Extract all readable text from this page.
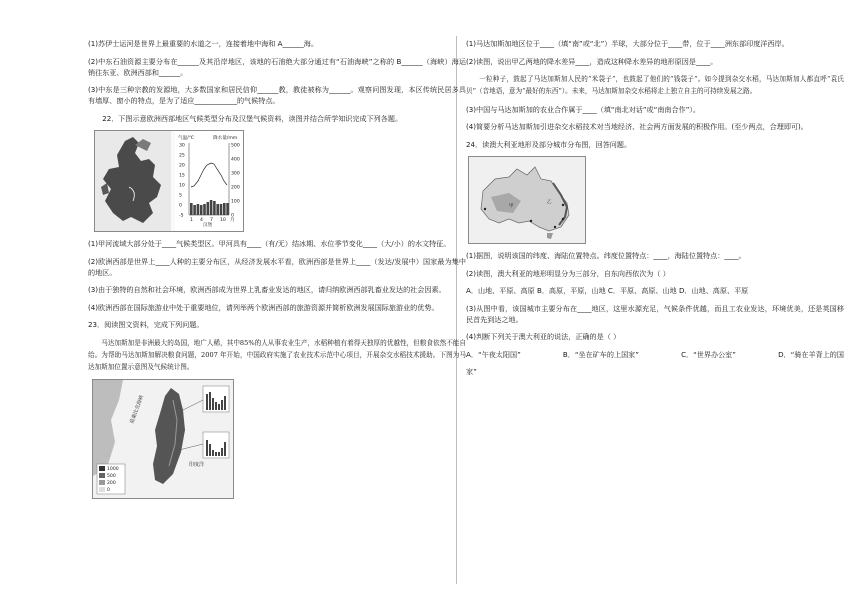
(1)苏伊士运河是世界上最重要的水道之一，连接着地中海和 A______海。

(2)中东石油资源主要分布在______及其沿岸地区，该地的石油绝大部分通过有“石油海峡”之称的 B______（海峡）海运销往东亚、欧洲西部和______。

(3)中东是三种宗教的发源地，大多数国家和居民信仰______教，教徒被称为______。观察问图发现，本区传统民居多具有墙厚、窗小的特点，是为了适应____________的气候特点。

22．下图示意欧洲西部地区气候类型分布及汉堡气候资料，读图并结合所学知识完成下列各题。

气温/℃	降水量/mm
30
25
20
15
10
5
0
-5
500
400
300
200
100
0
1 4 7 10 月
汉堡

(1)甲河流域大部分处于____气候类型区。甲河具有____（有/无）结冰期、水位季节变化____（大/小）的水文特征。

(2)欧洲西部是世界上____人种的主要分布区，从经济发展水平看，欧洲西部是世界上____（发达/发展中）国家最为集中的地区。

(3)由于独特的自然和社会环境，欧洲西部成为世界上乳畜业发达的地区，请归纳欧洲西部乳畜业发达的社会因素。

(4)欧洲西部在国际旅游业中处于重要地位，请列举两个欧洲西部的旅游资源并简析欧洲发展国际旅游业的优势。

23．阅读图文资料，完成下列问题。

马达加斯加是非洲最大的岛国，地广人稀，其中85%的人从事农业生产，水稻种植有着得天独厚的优越性，但粮食依然不能自给。为帮助马达加斯加解决粮食问题，2007 年开始，中国政府实施了农业技术示范中心项目，开展杂交水稻技术援助。下图为马达加斯加位置示意图及气候统计图。

莫桑比克海峡
印度洋
1000
500
200
0

(1)马达加斯加地区位于____（填“南”或“北”）半球，大部分位于____带，位于____洲东部印度洋西岸。

(2)读图，说出甲乙两地的降水差异____，造成这种降水差异的地形原因是____。

一粒种子，鼓起了马达加斯加人民的“米袋子”，也鼓起了他们的“钱袋子”。如今提到杂交水稻，马达加斯加人都直呼“袁氏贝”（音地语，意为“最好的东西”）。未来，马达加斯加杂交水稻将走上独立自主的可持续发展之路。

(3)中国与马达加斯加的农业合作属于____（填“南北对话”或“南南合作”）。

(4)简要分析马达加斯加引进杂交水稻技术对当地经济、社会两方面发展的积极作用。(至少两点，合理即可)。

24．读澳大利亚地形及部分城市分布图，回答问题。

甲
乙

(1)据图，说明该国的纬度、海陆位置特点。纬度位置特点：____，海陆位置特点：____。

(2)读图，澳大利亚的地形明显分为三部分，自东向西依次为（ ）

A．山地、平原、高原 B．高原，平原，山地 C．平原、高原、山地 D．山地、高原、平原

(3)从图中看，该国城市主要分布在____地区，这里水源充足，气候条件优越，而且工农业发达，环境优美，还是英国移民首先到达之地。

(4)判断下列关于澳大利亚的说法，正确的是（ ）

A．“午夜太阳国”	B．“坐在矿车的上国家”	C．“世界办公室”	D．“骑在羊背上的国

家”
